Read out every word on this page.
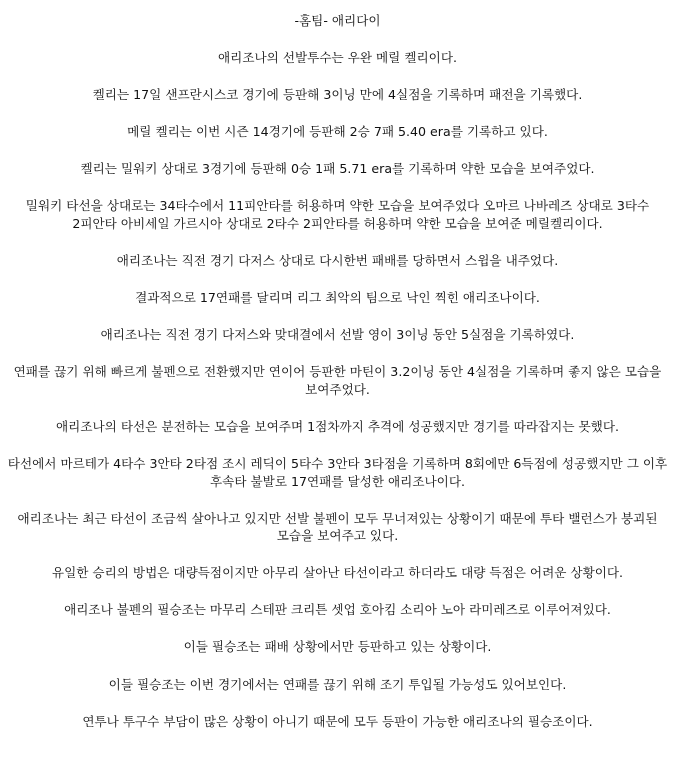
-홈팀- 애리다이

애리조나의 선발투수는 우완 메릴 켈리이다.

켈리는 17일 샌프란시스코 경기에 등판해 3이닝 만에 4실점을 기록하며 패전을 기록했다.

메릴 켈리는 이번 시즌 14경기에 등판해 2승 7패 5.40 era를 기록하고 있다.

켈리는 밀워키 상대로 3경기에 등판해 0승 1패 5.71 era를 기록하며 약한 모습을 보여주었다.

밀워키 타선을 상대로는 34타수에서 11피안타를 허용하며 약한 모습을 보여주었다 오마르 나바레즈 상대로 3타수 2피안타 아비세일 가르시아 상대로 2타수 2피안타를 허용하며 약한 모습을 보여준 메릴켈리이다.

애리조나는 직전 경기 다저스 상대로 다시한번 패배를 당하면서 스윕을 내주었다.

결과적으로 17연패를 달리며 리그 최악의 팀으로 낙인 찍힌 애리조나이다.

애리조나는 직전 경기 다저스와 맞대결에서 선발 영이 3이닝 동안 5실점을 기록하였다.

연패를 끊기 위해 빠르게 불펜으로 전환했지만 연이어 등판한 마틴이 3.2이닝 동안 4실점을 기록하며 좋지 않은 모습을 보여주었다.

애리조나의 타선은 분전하는 모습을 보여주며 1점차까지 추격에 성공했지만 경기를 따라잡지는 못했다.

타선에서 마르테가 4타수 3안타 2타점 조시 레딕이 5타수 3안타 3타점을 기록하며 8회에만 6득점에 성공했지만 그 이후 후속타 불발로 17연패를 달성한 애리조나이다.

애리조나는 최근 타선이 조금씩 살아나고 있지만 선발 불펜이 모두 무너져있는 상황이기 때문에 투타 밸런스가 붕괴된 모습을 보여주고 있다.

유일한 승리의 방법은 대량득점이지만 아무리 살아난 타선이라고 하더라도 대량 득점은 어려운 상황이다.

애리조나 불펜의 필승조는 마무리 스테판 크리튼 셋업 호아킴 소리아 노아 라미레즈로 이루어져있다.

이들 필승조는 패배 상황에서만 등판하고 있는 상황이다.

이들 필승조는 이번 경기에서는 연패를 끊기 위해 조기 투입될 가능성도 있어보인다.

연투나 투구수 부담이 많은 상황이 아니기 때문에 모두 등판이 가능한 애리조나의 필승조이다.
